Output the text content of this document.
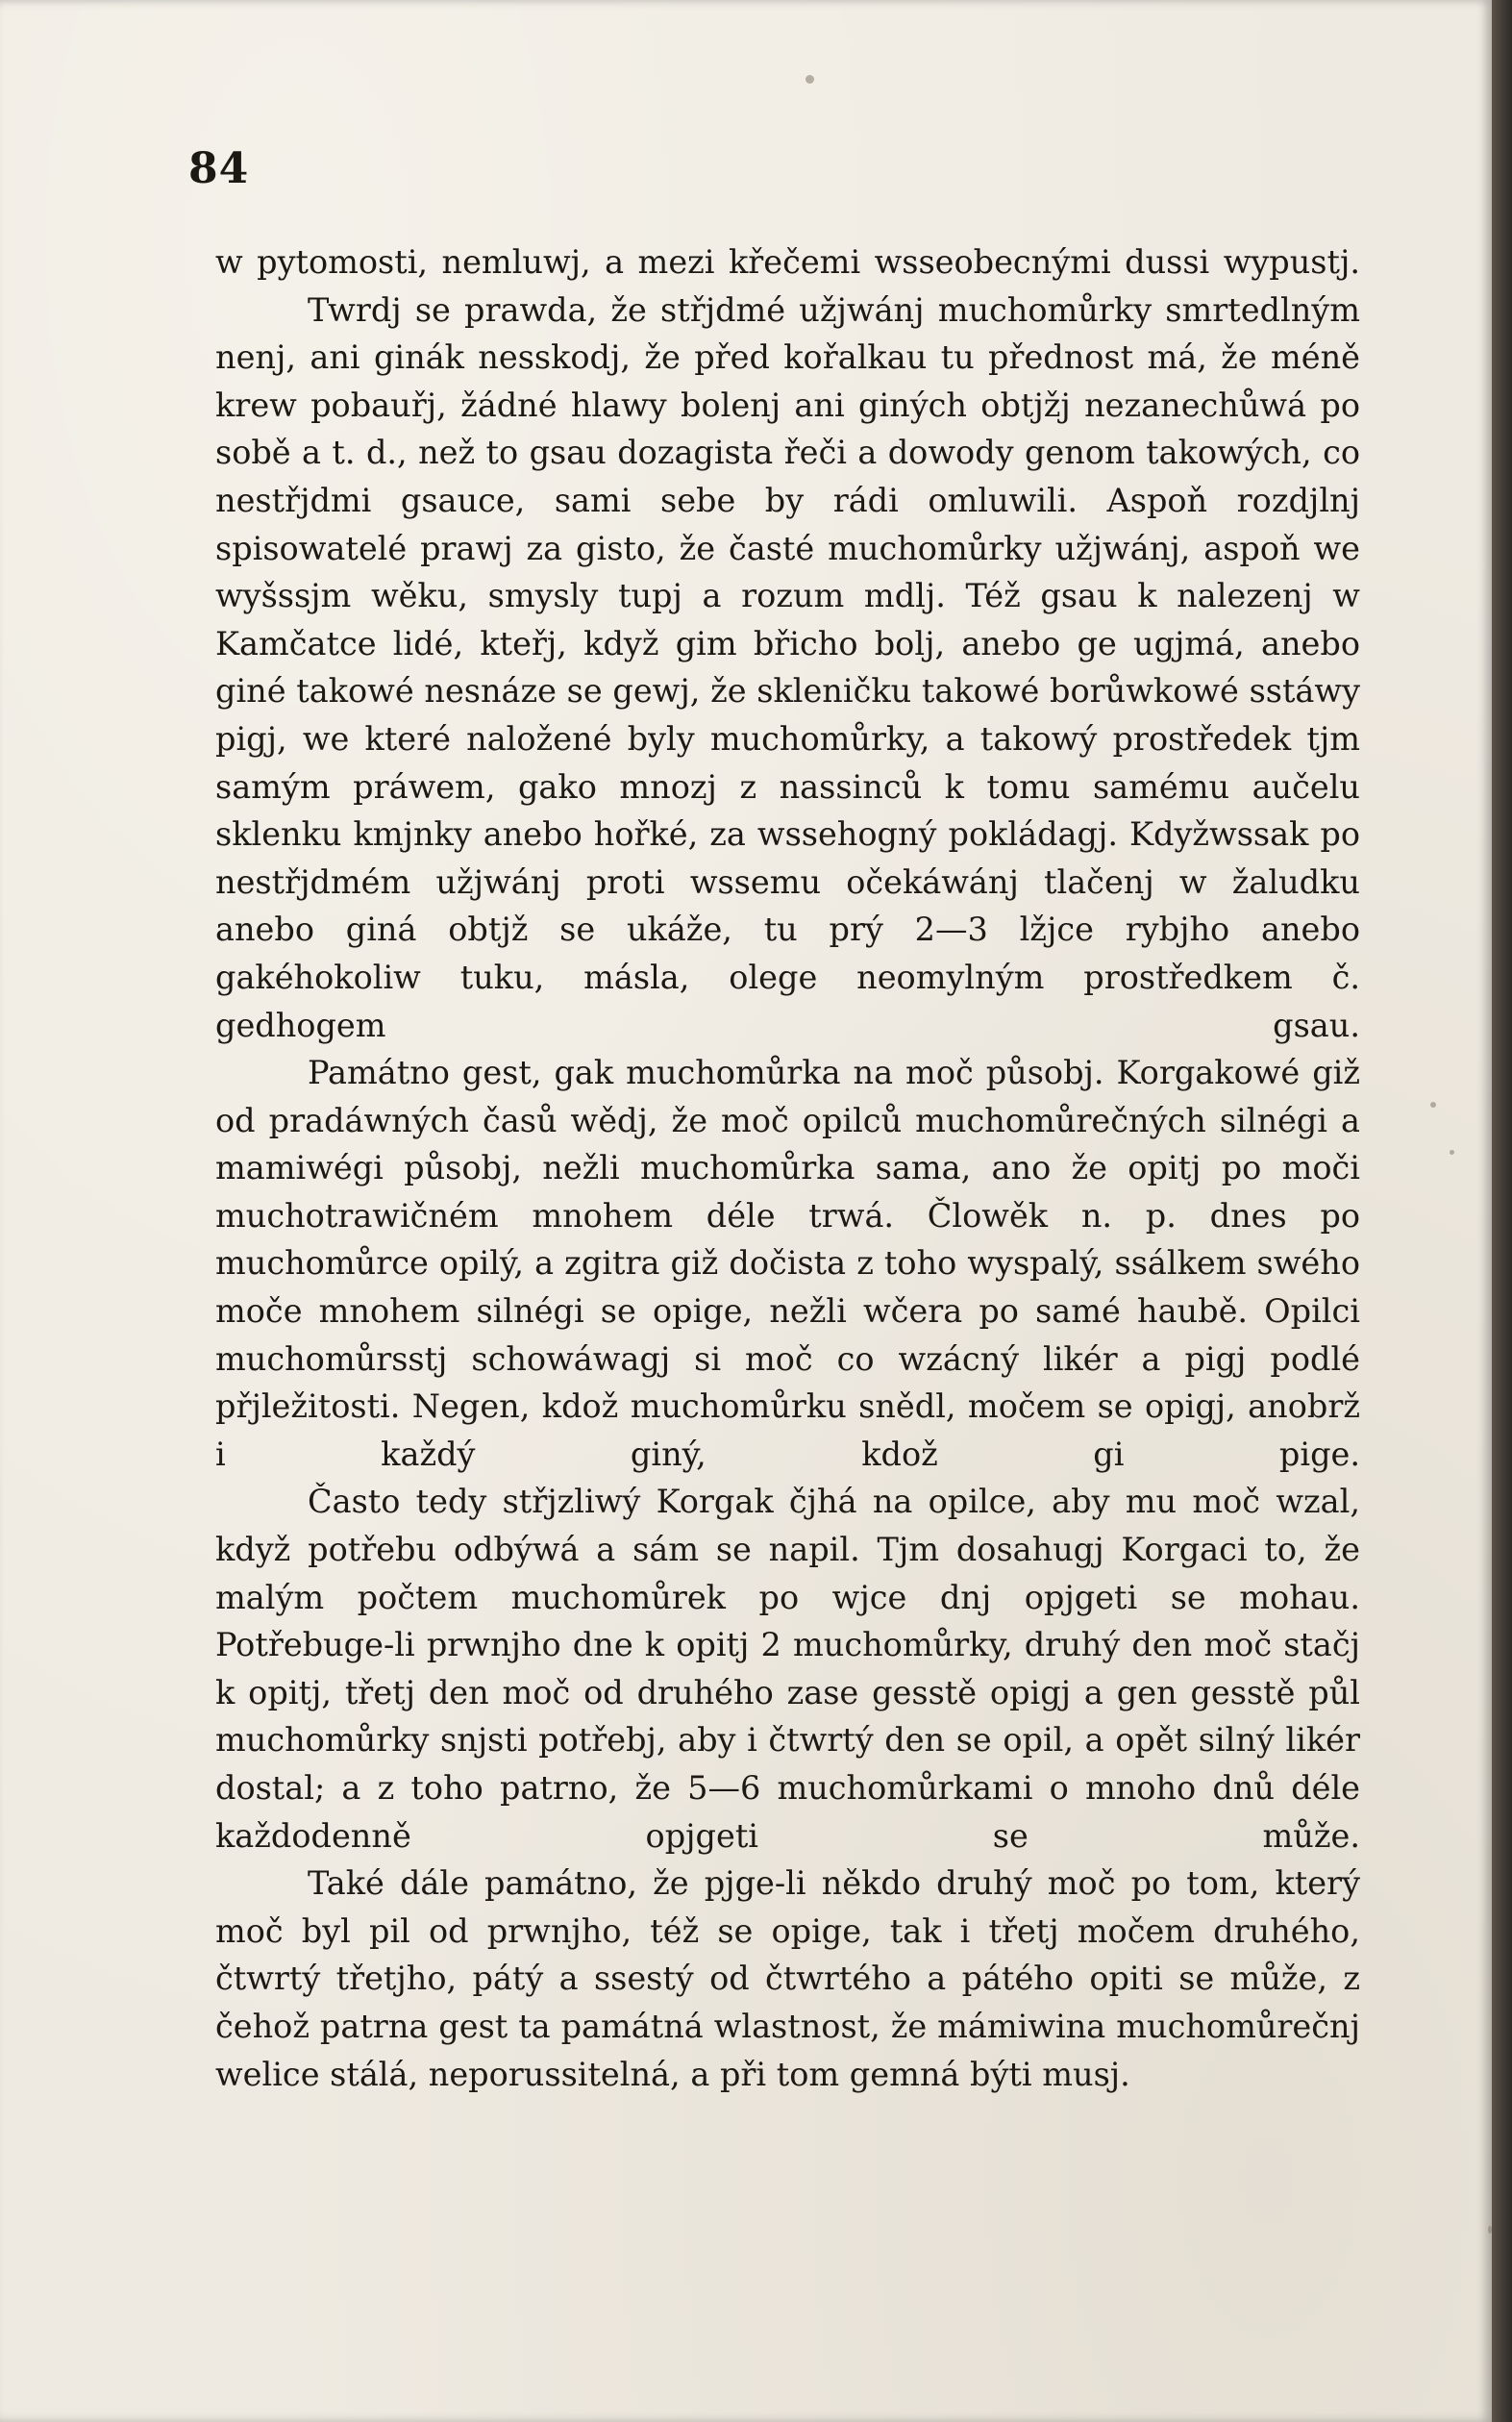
84

w pytomosti, nemluwj, a mezi křečemi wsseobecnými dussi wypustj.

Twrdj se prawda, že střjdmé užjwánj muchomůrky smrtedlným nenj, ani ginák nesskodj, že před kořalkau tu přednost má, že méně krew pobauřj, žádné hlawy bolenj ani giných obtjžj nezanechůwá po sobě a t. d., než to gsau dozagista řeči a dowody genom takowých, co nestřjdmi gsauce, sami sebe by rádi omluwili. Aspoň rozdjlnj spisowatelé prawj za gisto, že časté muchomůrky užjwánj, aspoň we wyšssjm wěku, smysly tupj a rozum mdlj. Též gsau k nalezenj w Kamčatce lidé, kteřj, když gim břicho bolj, anebo ge ugjmá, anebo giné takowé nesnáze se gewj, že skleničku takowé borůwkowé sstáwy pigj, we které naložené byly muchomůrky, a takowý prostředek tjm samým práwem, gako mnozj z nassinců k tomu samému aučelu sklenku kmjnky anebo hořké, za wssehogný pokládagj. Kdyžwssak po nestřjdmém užjwánj proti wssemu očekáwánj tlačenj w žaludku anebo giná obtjž se ukáže, tu prý 2—3 lžjce rybjho anebo gakéhokoliw tuku, másla, olege neomylným prostředkem č. gedhogem gsau.

Památno gest, gak muchomůrka na moč působj. Korgakowé giž od pradáwných časů wědj, že moč opilců muchomůrečných silnégi a mamiwégi působj, nežli muchomůrka sama, ano že opitj po moči muchotrawičném mnohem déle trwá. Člowěk n. p. dnes po muchomůrce opilý, a zgitra giž dočista z toho wyspalý, ssálkem swého moče mnohem silnégi se opige, nežli wčera po samé haubě. Opilci muchomůrsstj schowáwagj si moč co wzácný likér a pigj podlé přjležitosti. Negen, kdož muchomůrku snědl, močem se opigj, anobrž i každý giný, kdož gi pige.

Často tedy střjzliwý Korgak čjhá na opilce, aby mu moč wzal, když potřebu odbýwá a sám se napil. Tjm dosahugj Korgaci to, že malým počtem muchomůrek po wjce dnj opjgeti se mohau. Potřebuge-li prwnjho dne k opitj 2 muchomůrky, druhý den moč stačj k opitj, třetj den moč od druhého zase gesstě opigj a gen gesstě půl muchomůrky snjsti potřebj, aby i čtwrtý den se opil, a opět silný likér dostal; a z toho patrno, že 5—6 muchomůrkami o mnoho dnů déle každodenně opjgeti se může.

Také dále památno, že pjge-li někdo druhý moč po tom, který moč byl pil od prwnjho, též se opige, tak i třetj močem druhého, čtwrtý třetjho, pátý a ssestý od čtwrtého a pátého opiti se může, z čehož patrna gest ta památná wlastnost, že mámiwina muchomůrečnj welice stálá, neporussitelná, a při tom gemná býti musj.
